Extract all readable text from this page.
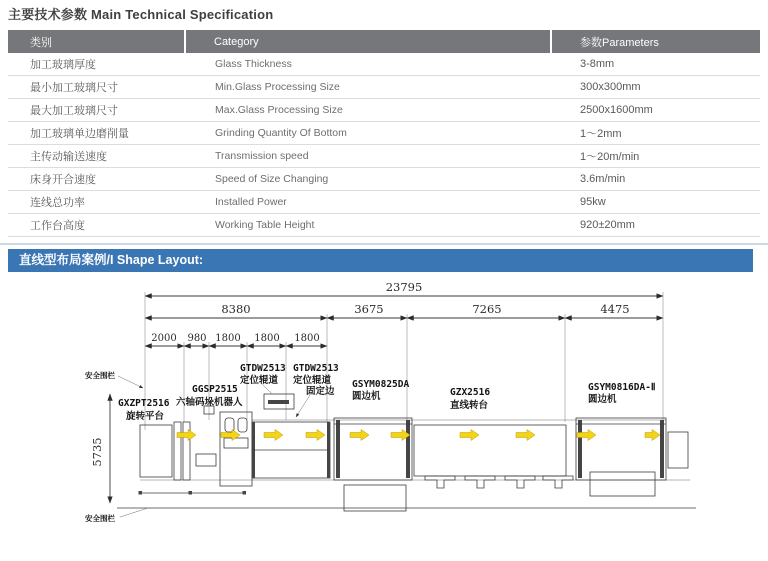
主要技术参数 Main Technical Specification
类别	Category	参数Parameters
加工玻璃厚度	Glass Thickness	3-8mm
最小加工玻璃尺寸	Min.Glass Processing Size	300x300mm
最大加工玻璃尺寸	Max.Glass Processing Size	2500x1600mm
加工玻璃单边磨削量	Grinding Quantity Of Bottom	1～2mm
主传动输送速度	Transmission speed	1～20m/min
床身开合速度	Speed of Size Changing	3.6m/min
连线总功率	Installed Power	95kw
工作台高度	Working Table Height	920±20mm
直线型布局案例/I Shape Layout:
23795
8380	3675	7265	4475
2000 980 1800 1800 1800
5735
安全围栏
安全围栏
GXZPT2516
旋转平台
六轴码垛机器人
GGSP2515
GTDW2513
定位辊道
GTDW2513
定位辊道
固定边
GSYM0825DA
圆边机	GZX2516
直线转台
GSYM0816DA-Ⅱ
圆边机
